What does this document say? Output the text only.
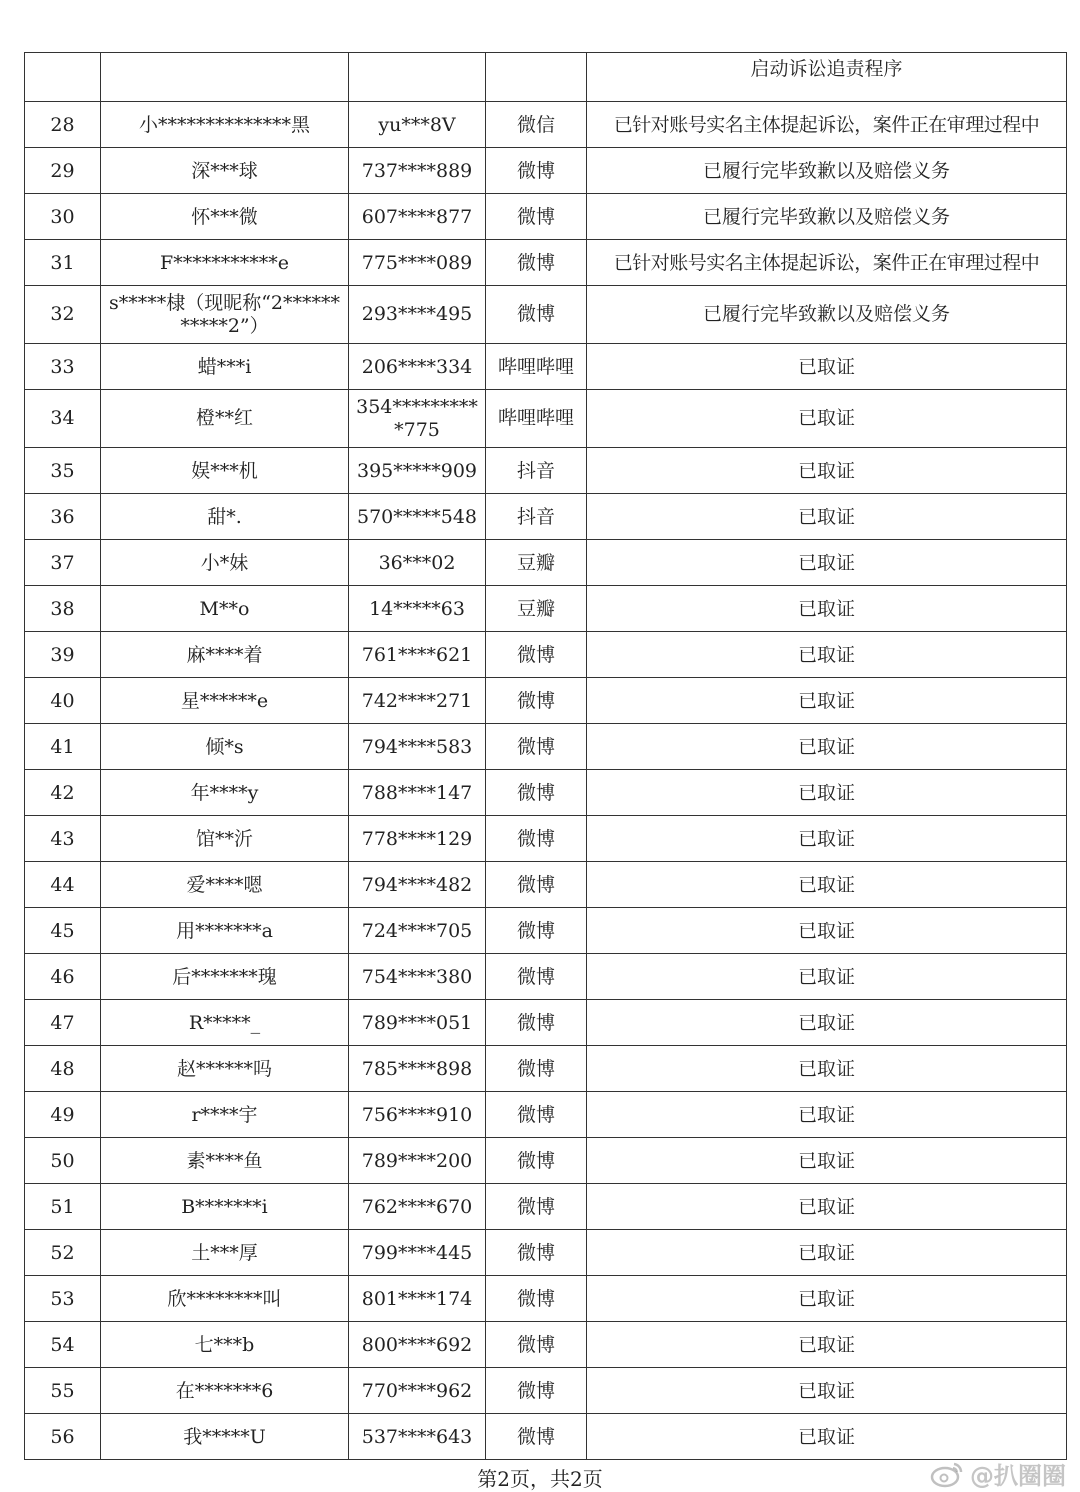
				启动诉讼追责程序
28	小**************黑	yu***8V	微信	已针对账号实名主体提起诉讼，案件正在审理过程中
29	深***球	737****889	微博	已履行完毕致歉以及赔偿义务
30	怀***微	607****877	微博	已履行完毕致歉以及赔偿义务
31	F***********e	775****089	微博	已针对账号实名主体提起诉讼，案件正在审理过程中
32	s*****棣（现昵称“2***********2”）	293****495	微博	已履行完毕致歉以及赔偿义务
33	蜡***i	206****334	哔哩哔哩	已取证
34	橙**红	354**********775	哔哩哔哩	已取证
35	娱***机	395*****909	抖音	已取证
36	甜*.	570*****548	抖音	已取证
37	小*妹	36***02	豆瓣	已取证
38	M**o	14*****63	豆瓣	已取证
39	麻****着	761****621	微博	已取证
40	星******e	742****271	微博	已取证
41	倾*s	794****583	微博	已取证
42	年****y	788****147	微博	已取证
43	馆**沂	778****129	微博	已取证
44	爱****嗯	794****482	微博	已取证
45	用*******a	724****705	微博	已取证
46	后*******瑰	754****380	微博	已取证
47	R*****_	789****051	微博	已取证
48	赵******吗	785****898	微博	已取证
49	r****宇	756****910	微博	已取证
50	素****鱼	789****200	微博	已取证
51	B*******i	762****670	微博	已取证
52	土***厚	799****445	微博	已取证
53	欣********叫	801****174	微博	已取证
54	七***b	800****692	微博	已取证
55	在*******6	770****962	微博	已取证
56	我*****U	537****643	微博	已取证
第2页，共2页	@扒圈圈
